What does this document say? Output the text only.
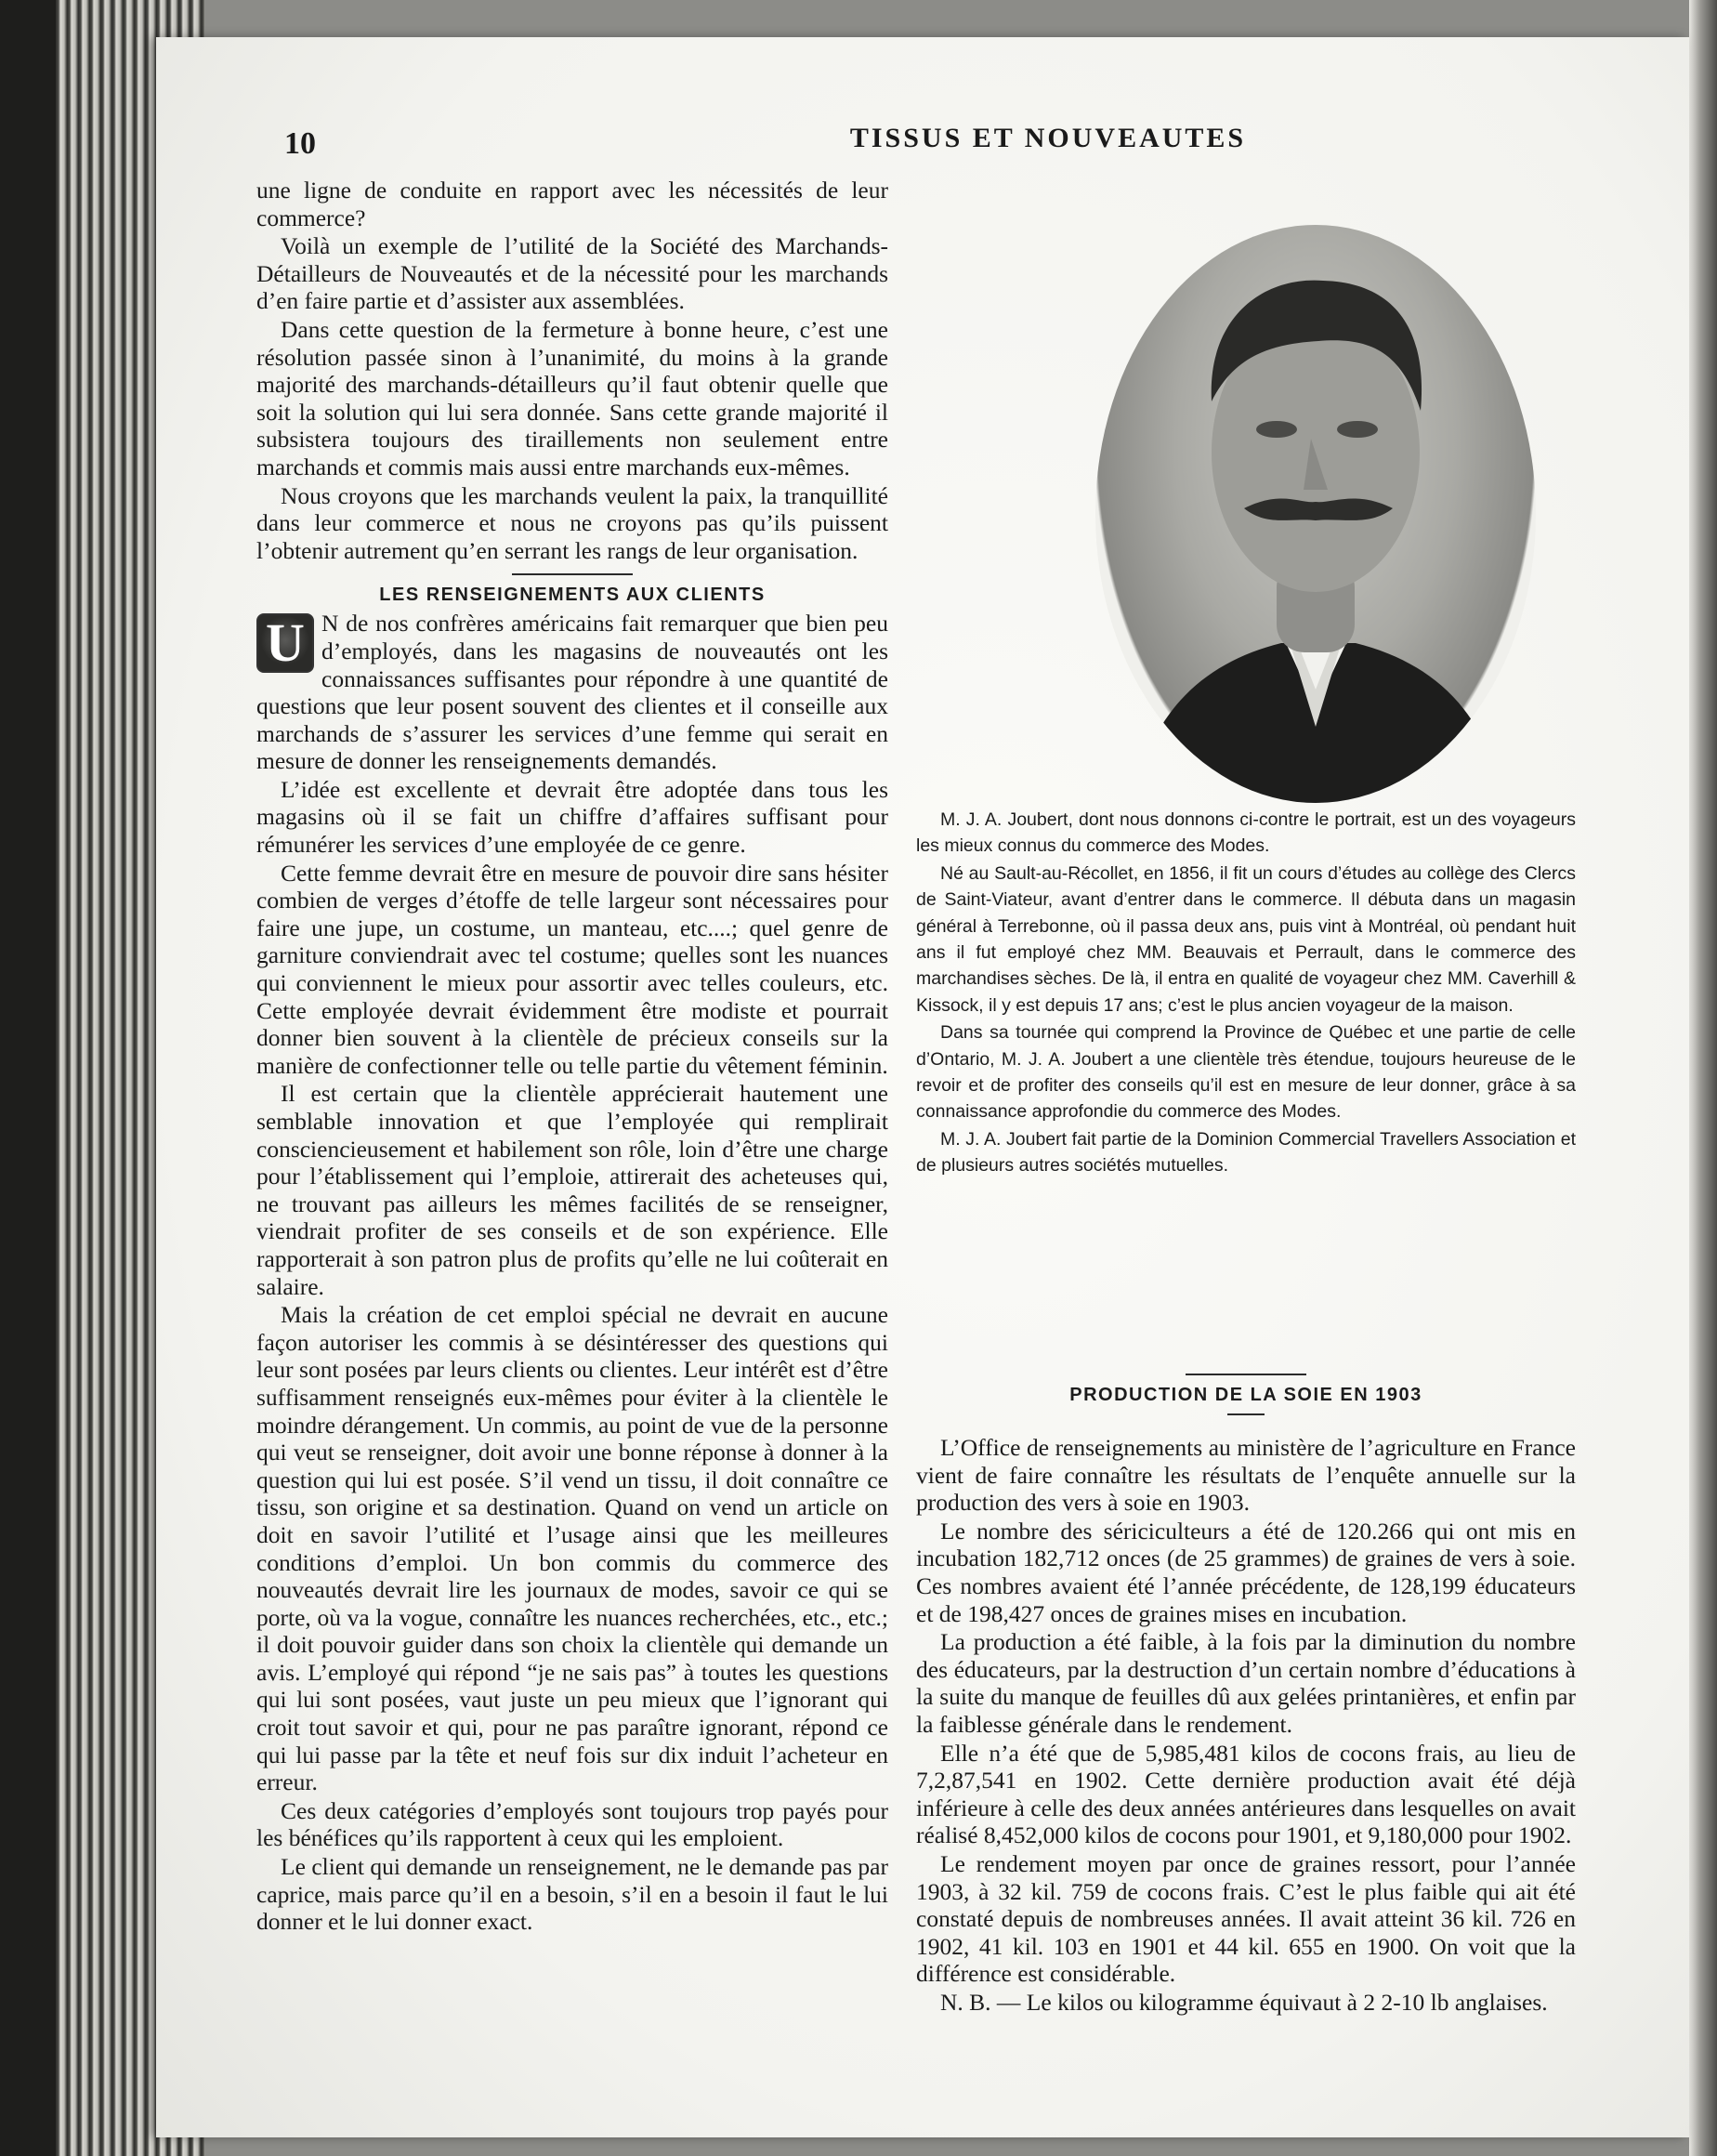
10	TISSUS ET NOUVEAUTES

une ligne de conduite en rapport avec les nécessités de leur commerce?

Voilà un exemple de l’utilité de la Société des Marchands-Détailleurs de Nouveautés et de la nécessité pour les marchands d’en faire partie et d’assister aux assemblées.

Dans cette question de la fermeture à bonne heure, c’est une résolution passée sinon à l’unanimité, du moins à la grande majorité des marchands-détailleurs qu’il faut obtenir quelle que soit la solution qui lui sera donnée. Sans cette grande majorité il subsistera toujours des tiraillements non seulement entre marchands et commis mais aussi entre marchands eux-mêmes.

Nous croyons que les marchands veulent la paix, la tranquillité dans leur commerce et nous ne croyons pas qu’ils puissent l’obtenir autrement qu’en serrant les rangs de leur organisation.

LES RENSEIGNEMENTS AUX CLIENTS

U N de nos confrères américains fait remarquer que bien peu d’employés, dans les magasins de nouveautés ont les connaissances suffisantes pour répondre à une quantité de questions que leur posent souvent des clientes et il conseille aux marchands de s’assurer les services d’une femme qui serait en mesure de donner les renseignements demandés.

L’idée est excellente et devrait être adoptée dans tous les magasins où il se fait un chiffre d’affaires suffisant pour rémunérer les services d’une employée de ce genre.

Cette femme devrait être en mesure de pouvoir dire sans hésiter combien de verges d’étoffe de telle largeur sont nécessaires pour faire une jupe, un costume, un manteau, etc....; quel genre de garniture conviendrait avec tel costume; quelles sont les nuances qui conviennent le mieux pour assortir avec telles couleurs, etc. Cette employée devrait évidemment être modiste et pourrait donner bien souvent à la clientèle de précieux conseils sur la manière de confectionner telle ou telle partie du vêtement féminin.

Il est certain que la clientèle apprécierait hautement une semblable innovation et que l’employée qui remplirait consciencieusement et habilement son rôle, loin d’être une charge pour l’établissement qui l’emploie, attirerait des acheteuses qui, ne trouvant pas ailleurs les mêmes facilités de se renseigner, viendrait profiter de ses conseils et de son expérience. Elle rapporterait à son patron plus de profits qu’elle ne lui coûterait en salaire.

Mais la création de cet emploi spécial ne devrait en aucune façon autoriser les commis à se désintéresser des questions qui leur sont posées par leurs clients ou clientes. Leur intérêt est d’être suffisamment renseignés eux-mêmes pour éviter à la clientèle le moindre dérangement. Un commis, au point de vue de la personne qui veut se renseigner, doit avoir une bonne réponse à donner à la question qui lui est posée. S’il vend un tissu, il doit connaître ce tissu, son origine et sa destination. Quand on vend un article on doit en savoir l’utilité et l’usage ainsi que les meilleures conditions d’emploi. Un bon commis du commerce des nouveautés devrait lire les journaux de modes, savoir ce qui se porte, où va la vogue, connaître les nuances recherchées, etc., etc.; il doit pouvoir guider dans son choix la clientèle qui demande un avis. L’employé qui répond “je ne sais pas” à toutes les questions qui lui sont posées, vaut juste un peu mieux que l’ignorant qui croit tout savoir et qui, pour ne pas paraître ignorant, répond ce qui lui passe par la tête et neuf fois sur dix induit l’acheteur en erreur.

Ces deux catégories d’employés sont toujours trop payés pour les bénéfices qu’ils rapportent à ceux qui les emploient.

Le client qui demande un renseignement, ne le demande pas par caprice, mais parce qu’il en a besoin, s’il en a besoin il faut le lui donner et le lui donner exact.

M. J. A. Joubert, dont nous donnons ci-contre le portrait, est un des voyageurs les mieux connus du commerce des Modes.

Né au Sault-au-Récollet, en 1856, il fit un cours d’études au collège des Clercs de Saint-Viateur, avant d’entrer dans le commerce. Il débuta dans un magasin général à Terrebonne, où il passa deux ans, puis vint à Montréal, où pendant huit ans il fut employé chez MM. Beauvais et Perrault, dans le commerce des marchandises sèches. De là, il entra en qualité de voyageur chez MM. Caverhill & Kissock, il y est depuis 17 ans; c’est le plus ancien voyageur de la maison.

Dans sa tournée qui comprend la Province de Québec et une partie de celle d’Ontario, M. J. A. Joubert a une clientèle très étendue, toujours heureuse de le revoir et de profiter des conseils qu’il est en mesure de leur donner, grâce à sa connaissance approfondie du commerce des Modes.

M. J. A. Joubert fait partie de la Dominion Commercial Travellers Association et de plusieurs autres sociétés mutuelles.

PRODUCTION DE LA SOIE EN 1903

L’Office de renseignements au ministère de l’agriculture en France vient de faire connaître les résultats de l’enquête annuelle sur la production des vers à soie en 1903.

Le nombre des sériciculteurs a été de 120.266 qui ont mis en incubation 182,712 onces (de 25 grammes) de graines de vers à soie. Ces nombres avaient été l’année précédente, de 128,199 éducateurs et de 198,427 onces de graines mises en incubation.

La production a été faible, à la fois par la diminution du nombre des éducateurs, par la destruction d’un certain nombre d’éducations à la suite du manque de feuilles dû aux gelées printanières, et enfin par la faiblesse générale dans le rendement.

Elle n’a été que de 5,985,481 kilos de cocons frais, au lieu de 7,2,87,541 en 1902. Cette dernière production avait été déjà inférieure à celle des deux années antérieures dans lesquelles on avait réalisé 8,452,000 kilos de cocons pour 1901, et 9,180,000 pour 1902.

Le rendement moyen par once de graines ressort, pour l’année 1903, à 32 kil. 759 de cocons frais. C’est le plus faible qui ait été constaté depuis de nombreuses années. Il avait atteint 36 kil. 726 en 1902, 41 kil. 103 en 1901 et 44 kil. 655 en 1900. On voit que la différence est considérable.

N. B. — Le kilos ou kilogramme équivaut à 2 2-10 lb anglaises.
